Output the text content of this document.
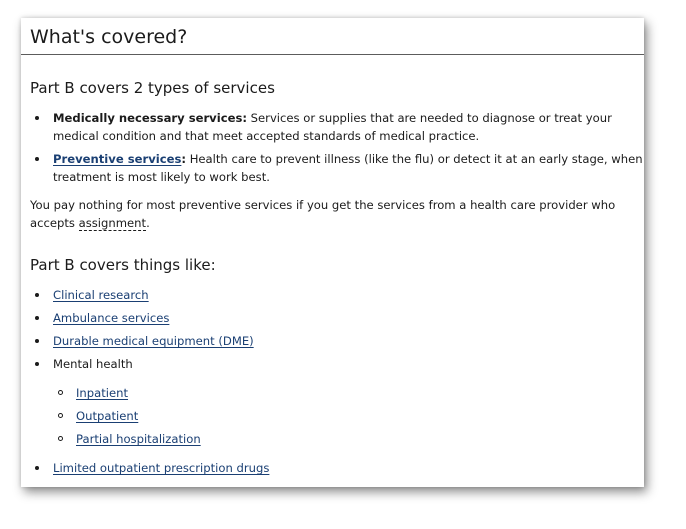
What's covered?
Part B covers 2 types of services
Medically necessary services: Services or supplies that are needed to diagnose or treat your medical condition and that meet accepted standards of medical practice.
Preventive services: Health care to prevent illness (like the flu) or detect it at an early stage, when treatment is most likely to work best.

You pay nothing for most preventive services if you get the services from a health care provider who accepts assignment.

Part B covers things like:
Clinical research
Ambulance services
Durable medical equipment (DME)
Mental health
Inpatient
Outpatient
Partial hospitalization
Limited outpatient prescription drugs
